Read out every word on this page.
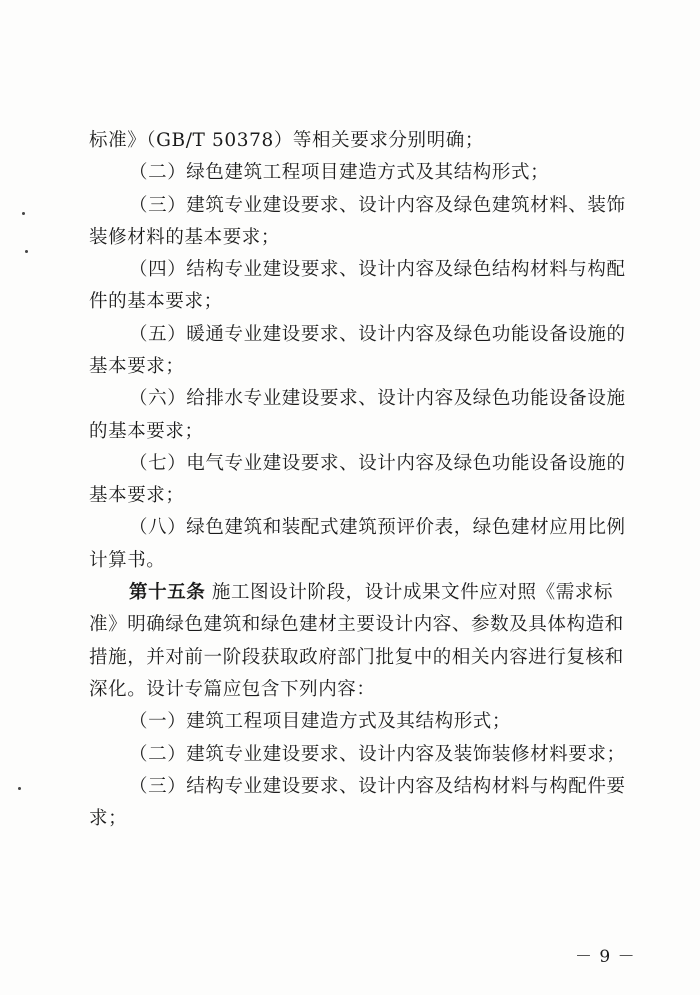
标准》（GB/T 50378）等相关要求分别明确；
（二）绿色建筑工程项目建造方式及其结构形式；
（三）建筑专业建设要求、设计内容及绿色建筑材料、装饰
装修材料的基本要求；
（四）结构专业建设要求、设计内容及绿色结构材料与构配
件的基本要求；
（五）暖通专业建设要求、设计内容及绿色功能设备设施的
基本要求；
（六）给排水专业建设要求、设计内容及绿色功能设备设施
的基本要求；
（七）电气专业建设要求、设计内容及绿色功能设备设施的
基本要求；
（八）绿色建筑和装配式建筑预评价表，绿色建材应用比例
计算书。
第十五条 施工图设计阶段，设计成果文件应对照《需求标
准》明确绿色建筑和绿色建材主要设计内容、参数及具体构造和
措施，并对前一阶段获取政府部门批复中的相关内容进行复核和
深化。设计专篇应包含下列内容：
（一）建筑工程项目建造方式及其结构形式；
（二）建筑专业建设要求、设计内容及装饰装修材料要求；
（三）结构专业建设要求、设计内容及结构材料与构配件要
求；
－ 9 －
